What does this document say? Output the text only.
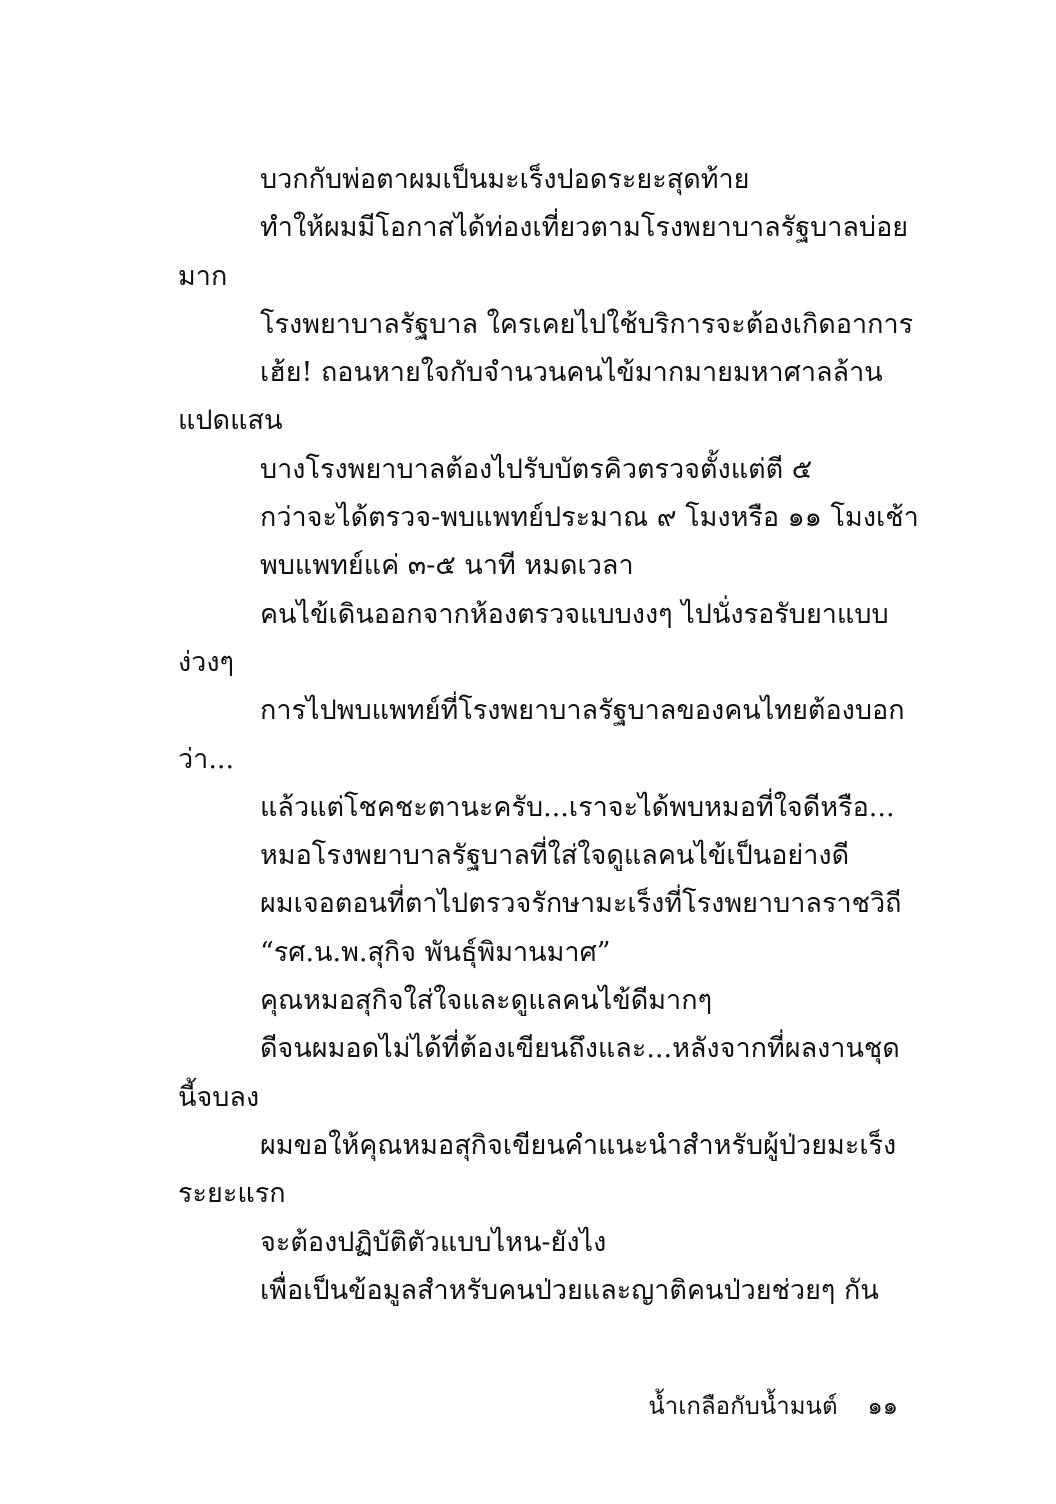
บวกกับพ่อตาผมเป็นมะเร็งปอดระยะสุดท้าย
ทำให้ผมมีโอกาสได้ท่องเที่ยวตามโรงพยาบาลรัฐบาลบ่อย
มาก
โรงพยาบาลรัฐบาล ใครเคยไปใช้บริการจะต้องเกิดอาการ
เฮ้ย! ถอนหายใจกับจำนวนคนไข้มากมายมหาศาลล้าน
แปดแสน
บางโรงพยาบาลต้องไปรับบัตรคิวตรวจตั้งแต่ตี ๕
กว่าจะได้ตรวจ-พบแพทย์ประมาณ ๙ โมงหรือ ๑๑ โมงเช้า
พบแพทย์แค่ ๓-๕ นาที หมดเวลา
คนไข้เดินออกจากห้องตรวจแบบงงๆ ไปนั่งรอรับยาแบบ
ง่วงๆ
การไปพบแพทย์ที่โรงพยาบาลรัฐบาลของคนไทยต้องบอก
ว่า...
แล้วแต่โชคชะตานะครับ...เราจะได้พบหมอที่ใจดีหรือ...
หมอโรงพยาบาลรัฐบาลที่ใส่ใจดูแลคนไข้เป็นอย่างดี
ผมเจอตอนที่ตาไปตรวจรักษามะเร็งที่โรงพยาบาลราชวิถี
“รศ.น.พ.สุกิจ พันธุ์พิมานมาศ”
คุณหมอสุกิจใส่ใจและดูแลคนไข้ดีมากๆ
ดีจนผมอดไม่ได้ที่ต้องเขียนถึงและ...หลังจากที่ผลงานชุด
นี้จบลง
ผมขอให้คุณหมอสุกิจเขียนคำแนะนำสำหรับผู้ป่วยมะเร็ง
ระยะแรก
จะต้องปฏิบัติตัวแบบไหน-ยังไง
เพื่อเป็นข้อมูลสำหรับคนป่วยและญาติคนป่วยช่วยๆ กัน
น้ำเกลือกับน้ำมนต์ ๑๑
